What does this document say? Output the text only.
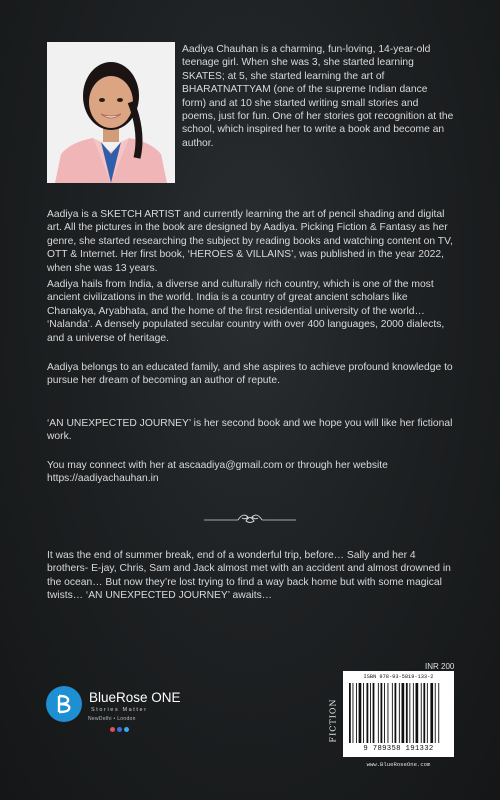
Aadiya Chauhan is a charming, fun-loving, 14-year-old teenage girl. When she was 3, she started learning SKATES; at 5, she started learning the art of BHARATNATTYAM (one of the supreme Indian dance form) and at 10 she started writing small stories and poems, just for fun. One of her stories got recognition at the school, which inspired her to write a book and become an author.

Aadiya is a SKETCH ARTIST and currently learning the art of pencil shading and digital art. All the pictures in the book are designed by Aadiya. Picking Fiction & Fantasy as her genre, she started researching the subject by reading books and watching content on TV, OTT & Internet. Her first book, ‘HEROES & VILLAINS’, was published in the year 2022, when she was 13 years.

Aadiya hails from India, a diverse and culturally rich country, which is one of the most ancient civilizations in the world. India is a country of great ancient scholars like Chanakya, Aryabhata, and the home of the first residential university of the world… ‘Nalanda’. A densely populated secular country with over 400 languages, 2000 dialects, and a universe of heritage.

Aadiya belongs to an educated family, and she aspires to achieve profound knowledge to pursue her dream of becoming an author of repute.

‘AN UNEXPECTED JOURNEY’ is her second book and we hope you will like her fictional work.

You may connect with her at ascaadiya@gmail.com or through her website https://aadiyachauhan.in

It was the end of summer break, end of a wonderful trip, before… Sally and her 4 brothers- E-jay, Chris, Sam and Jack almost met with an accident and almost drowned in the ocean… But now they’re lost trying to find a way back home but with some magical twists… ‘AN UNEXPECTED JOURNEY’ awaits…

INR 200
BlueRose ONE
Stories Matter
NewDelhi • London	FICTION
ISBN 978-93-5819-133-2
9 789358 191332
www.BlueRoseOne.com
